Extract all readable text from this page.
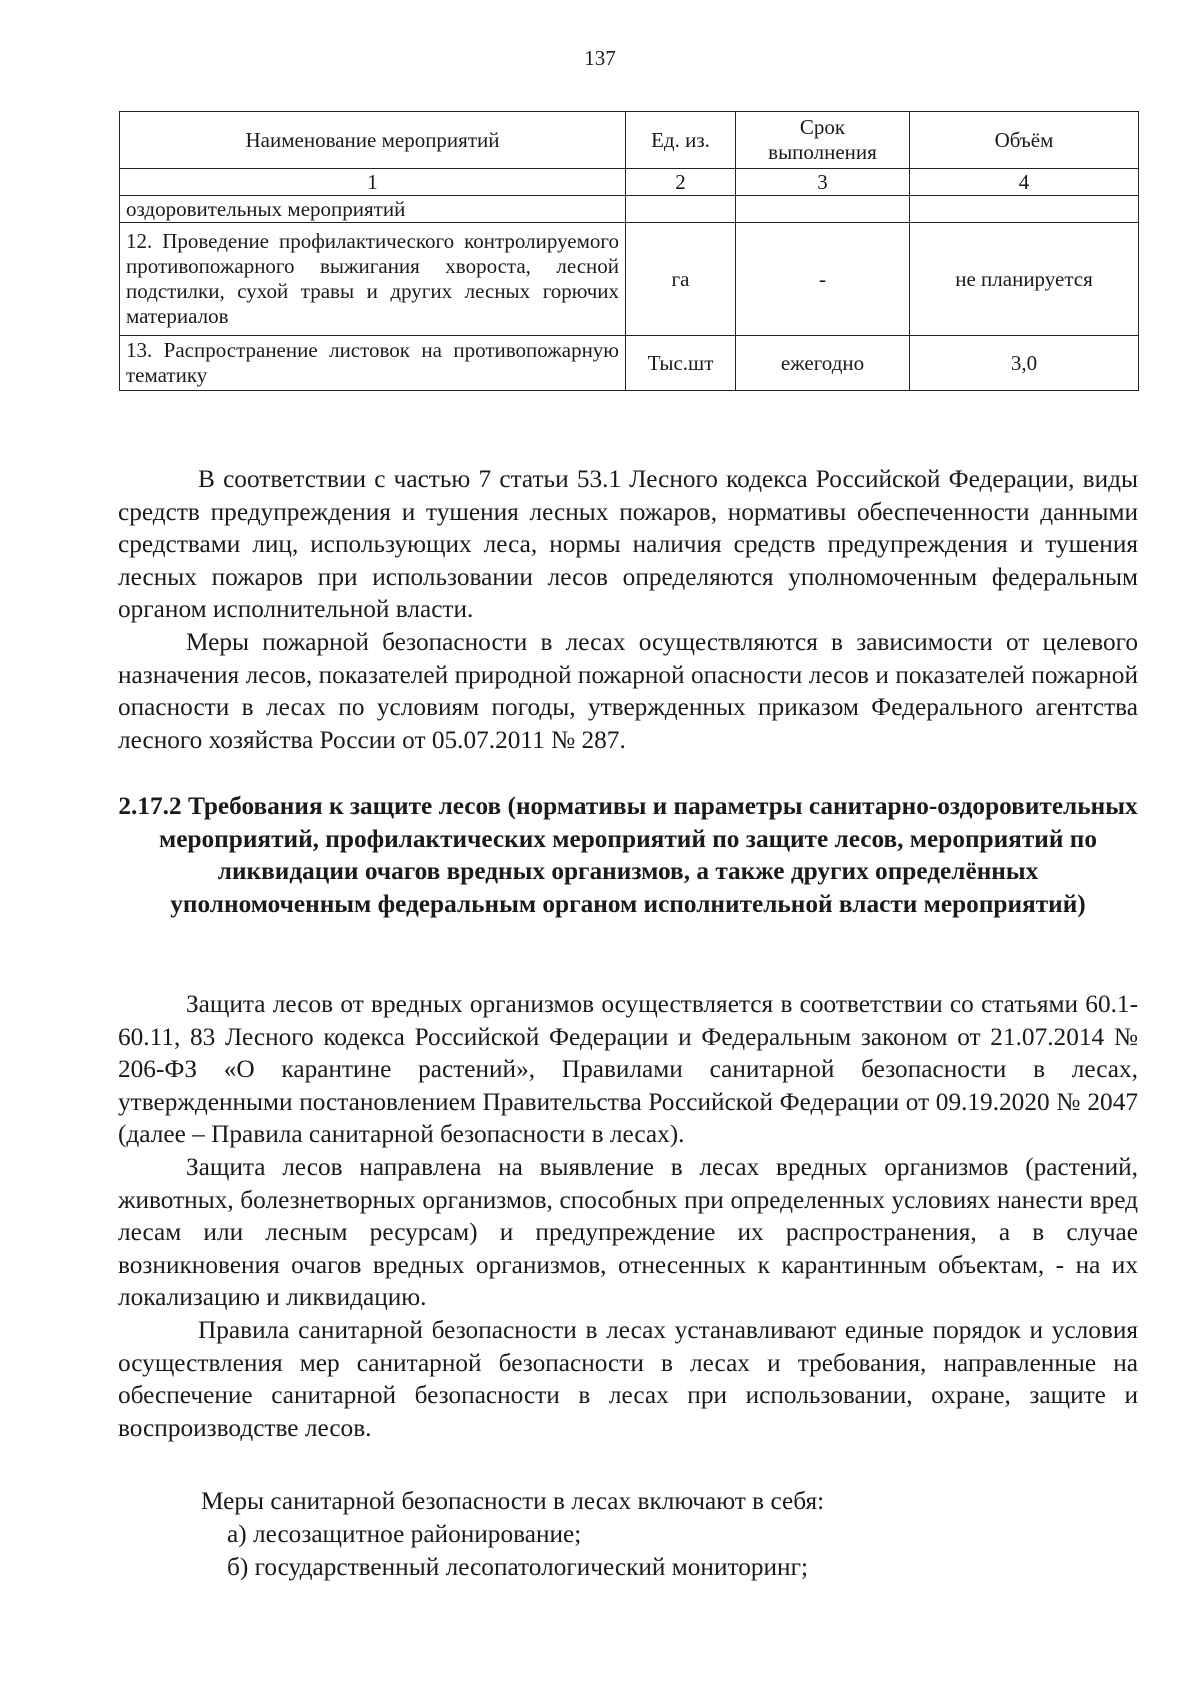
137
Наименование мероприятий	Ед. из.	Срок выполнения	Объём
1	2	3	4
оздоровительных мероприятий			
12. Проведение профилактического контролируемого противопожарного выжигания хвороста, лесной подстилки, сухой травы и других лесных горючих материалов	га	-	не планируется
13. Распространение листовок на противопожарную тематику	Тыс.шт	ежегодно	3,0

В соответствии с частью 7 статьи 53.1 Лесного кодекса Российской Федерации, виды средств предупреждения и тушения лесных пожаров, нормативы обеспеченности данными средствами лиц, использующих леса, нормы наличия средств предупреждения и тушения лесных пожаров при использовании лесов определяются уполномоченным федеральным органом исполнительной власти.

Меры пожарной безопасности в лесах осуществляются в зависимости от целевого назначения лесов, показателей природной пожарной опасности лесов и показателей пожарной опасности в лесах по условиям погоды, утвержденных приказом Федерального агентства лесного хозяйства России от 05.07.2011 № 287.

2.17.2 Требования к защите лесов (нормативы и параметры санитарно-оздоровительных мероприятий, профилактических мероприятий по защите лесов, мероприятий по ликвидации очагов вредных организмов, а также других определённых уполномоченным федеральным органом исполнительной власти мероприятий)

Защита лесов от вредных организмов осуществляется в соответствии со статьями 60.1-60.11, 83 Лесного кодекса Российской Федерации и Федеральным законом от 21.07.2014 № 206-ФЗ «О карантине растений», Правилами санитарной безопасности в лесах, утвержденными постановлением Правительства Российской Федерации от 09.19.2020 № 2047 (далее – Правила санитарной безопасности в лесах).

Защита лесов направлена на выявление в лесах вредных организмов (растений, животных, болезнетворных организмов, способных при определенных условиях нанести вред лесам или лесным ресурсам) и предупреждение их распространения, а в случае возникновения очагов вредных организмов, отнесенных к карантинным объектам, - на их локализацию и ликвидацию.

Правила санитарной безопасности в лесах устанавливают единые порядок и условия осуществления мер санитарной безопасности в лесах и требования, направленные на обеспечение санитарной безопасности в лесах при использовании, охране, защите и воспроизводстве лесов.

Меры санитарной безопасности в лесах включают в себя:
а) лесозащитное районирование;
б) государственный лесопатологический мониторинг;
